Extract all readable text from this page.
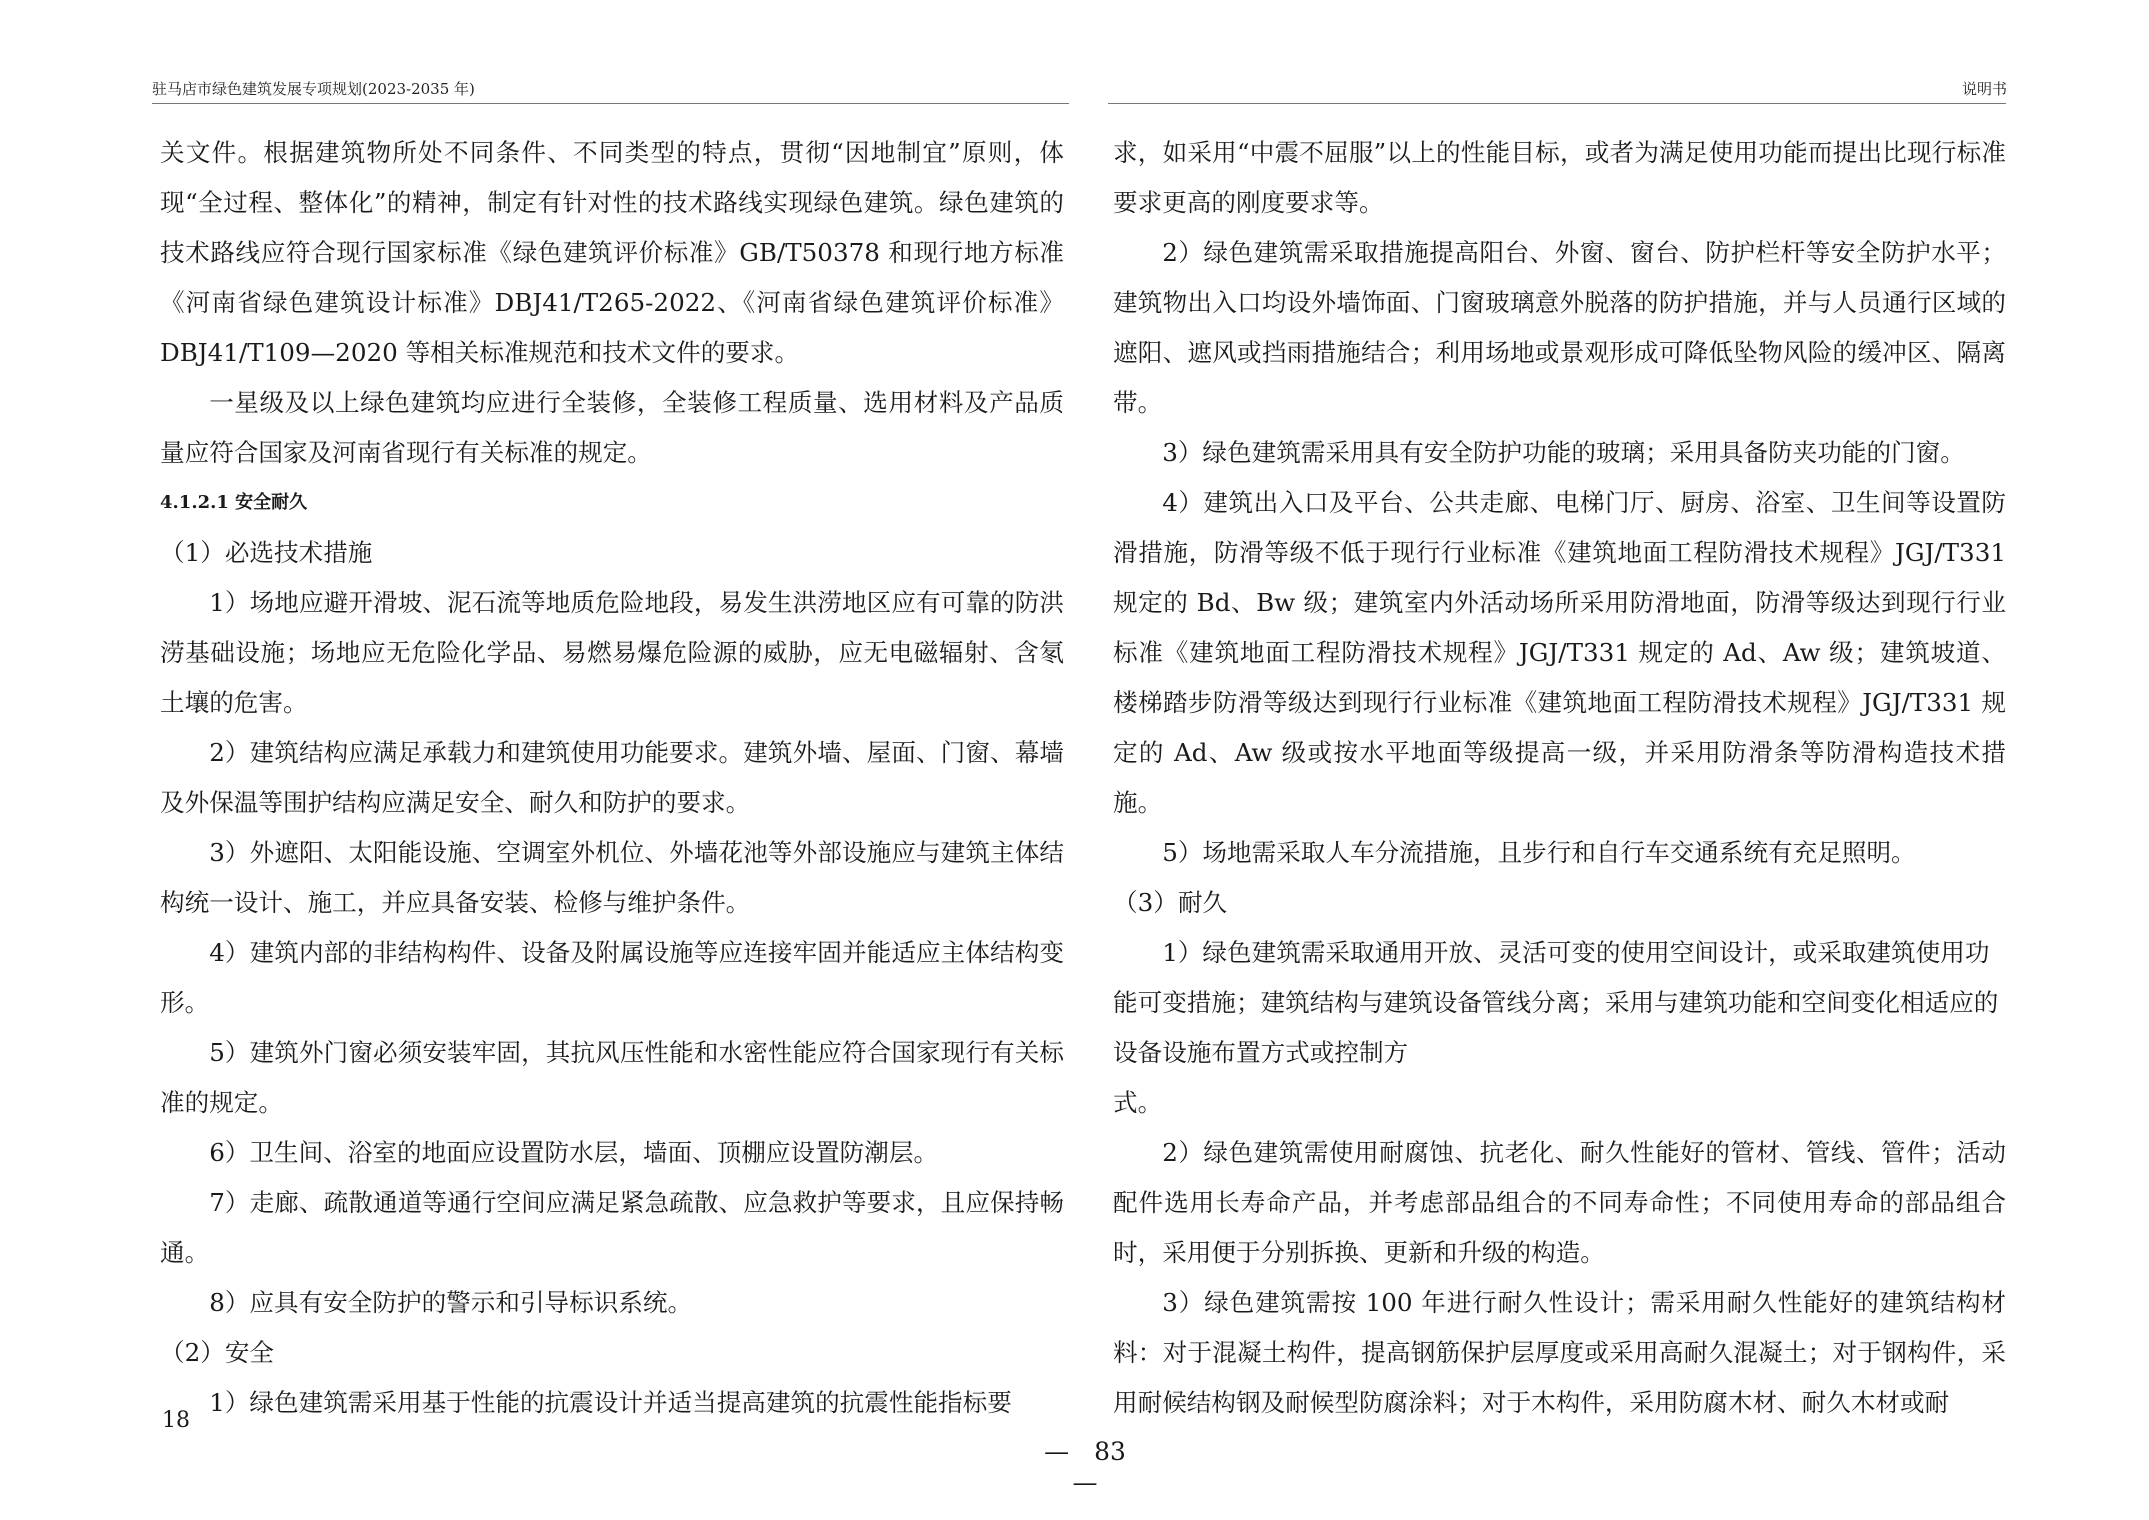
驻马店市绿色建筑发展专项规划(2023-2035 年)	说明书

关文件。根据建筑物所处不同条件、不同类型的特点，贯彻“因地制宜”原则，体现“全过程、整体化”的精神，制定有针对性的技术路线实现绿色建筑。绿色建筑的技术路线应符合现行国家标准《绿色建筑评价标准》GB/T50378 和现行地方标准《河南省绿色建筑设计标准》DBJ41/T265-2022、《河南省绿色建筑评价标准》DBJ41/T109—2020 等相关标准规范和技术文件的要求。

一星级及以上绿色建筑均应进行全装修，全装修工程质量、选用材料及产品质量应符合国家及河南省现行有关标准的规定。

4.1.2.1 安全耐久

（1）必选技术措施

1）场地应避开滑坡、泥石流等地质危险地段，易发生洪涝地区应有可靠的防洪涝基础设施；场地应无危险化学品、易燃易爆危险源的威胁，应无电磁辐射、含氡土壤的危害。

2）建筑结构应满足承载力和建筑使用功能要求。建筑外墙、屋面、门窗、幕墙及外保温等围护结构应满足安全、耐久和防护的要求。

3）外遮阳、太阳能设施、空调室外机位、外墙花池等外部设施应与建筑主体结构统一设计、施工，并应具备安装、检修与维护条件。

4）建筑内部的非结构构件、设备及附属设施等应连接牢固并能适应主体结构变形。

5）建筑外门窗必须安装牢固，其抗风压性能和水密性能应符合国家现行有关标准的规定。

6）卫生间、浴室的地面应设置防水层，墙面、顶棚应设置防潮层。

7）走廊、疏散通道等通行空间应满足紧急疏散、应急救护等要求，且应保持畅通。

8）应具有安全防护的警示和引导标识系统。

（2）安全

1）绿色建筑需采用基于性能的抗震设计并适当提高建筑的抗震性能指标要

求，如采用“中震不屈服”以上的性能目标，或者为满足使用功能而提出比现行标准要求更高的刚度要求等。

2）绿色建筑需采取措施提高阳台、外窗、窗台、防护栏杆等安全防护水平；建筑物出入口均设外墙饰面、门窗玻璃意外脱落的防护措施，并与人员通行区域的遮阳、遮风或挡雨措施结合；利用场地或景观形成可降低坠物风险的缓冲区、隔离带。

3）绿色建筑需采用具有安全防护功能的玻璃；采用具备防夹功能的门窗。

4）建筑出入口及平台、公共走廊、电梯门厅、厨房、浴室、卫生间等设置防滑措施，防滑等级不低于现行行业标准《建筑地面工程防滑技术规程》JGJ/T331 规定的 Bd、Bw 级；建筑室内外活动场所采用防滑地面，防滑等级达到现行行业标准《建筑地面工程防滑技术规程》JGJ/T331 规定的 Ad、Aw 级；建筑坡道、楼梯踏步防滑等级达到现行行业标准《建筑地面工程防滑技术规程》JGJ/T331 规定的 Ad、Aw 级或按水平地面等级提高一级，并采用防滑条等防滑构造技术措施。

5）场地需采取人车分流措施，且步行和自行车交通系统有充足照明。

（3）耐久

1）绿色建筑需采取通用开放、灵活可变的使用空间设计，或采取建筑使用功能可变措施；建筑结构与建筑设备管线分离；采用与建筑功能和空间变化相适应的设备设施布置方式或控制方

式。

2）绿色建筑需使用耐腐蚀、抗老化、耐久性能好的管材、管线、管件；活动配件选用长寿命产品，并考虑部品组合的不同寿命性；不同使用寿命的部品组合时，采用便于分别拆换、更新和升级的构造。

3）绿色建筑需按 100 年进行耐久性设计；需采用耐久性能好的建筑结构材料：对于混凝土构件，提高钢筋保护层厚度或采用高耐久混凝土；对于钢构件，采用耐候结构钢及耐候型防腐涂料；对于木构件，采用防腐木材、耐久木材或耐

18
—　83　—
